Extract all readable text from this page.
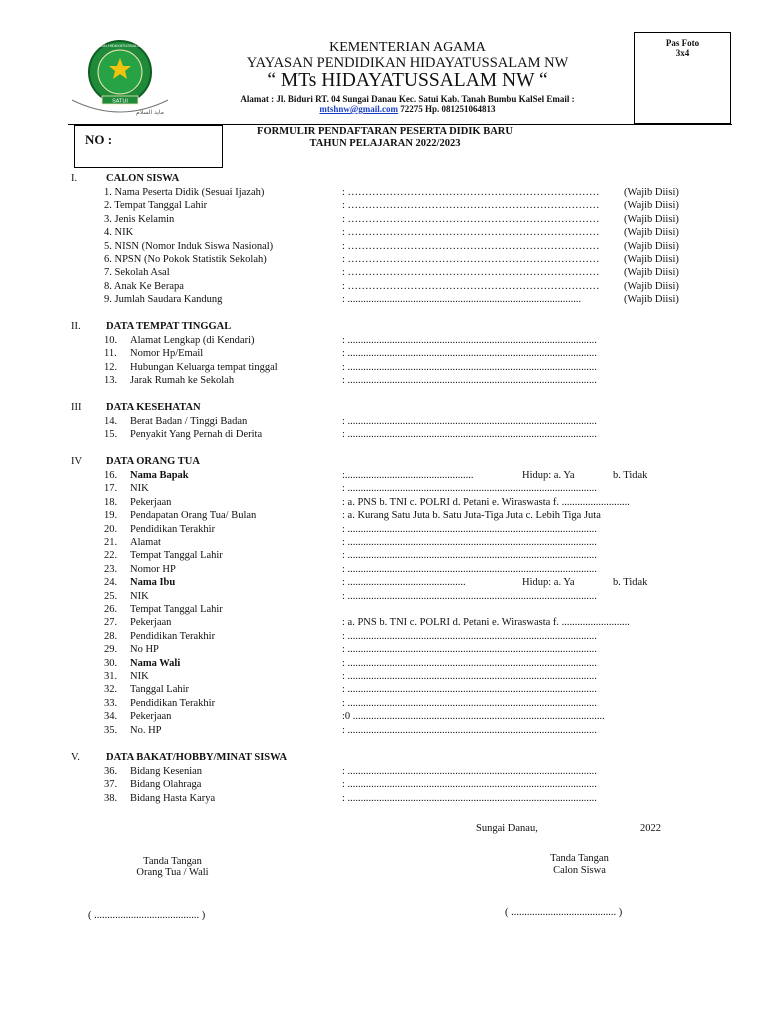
SATUI
YAYASAN HIDAYATUSSALAM NW
مايد السلام
KEMENTERIAN AGAMA
YAYASAN PENDIDIKAN HIDAYATUSSALAM NW
“ MTs HIDAYATUSSALAM NW “
Alamat : Jl. Biduri RT. 04 Sungai Danau Kec. Satui Kab. Tanah Bumbu KalSel Email :
mtshnw@gmail.com 72275 Hp. 081251064813
Pas Foto
3x4
NO :
FORMULIR PENDAFTARAN PESERTA DIDIK BARU
TAHUN PELAJARAN 2022/2023
I.	CALON SISWA
1. Nama Peserta Didik (Sesuai Ijazah)	: ……………………………………………………………… (Wajib Diisi)
2. Tempat Tanggal Lahir	: ……………………………………………………………… (Wajib Diisi)
3. Jenis Kelamin	: ……………………………………………………………… (Wajib Diisi)
4. NIK	: ……………………………………………………………… (Wajib Diisi)
5. NISN (Nomor Induk Siswa Nasional)	: ……………………………………………………………… (Wajib Diisi)
6. NPSN (No Pokok Statistik Sekolah)	: ……………………………………………………………… (Wajib Diisi)
7. Sekolah Asal	: ……………………………………………………………… (Wajib Diisi)
8. Anak Ke Berapa	: ……………………………………………………………… (Wajib Diisi)
9. Jumlah Saudara Kandung	: .........................................................................................	(Wajib Diisi)
II. DATA TEMPAT TINGGAL
10. Alamat Lengkap (di Kendari)	: ...............................................................................................
11. Nomor Hp/Email	: ...............................................................................................
12. Hubungan Keluarga tempat tinggal	: ...............................................................................................
13. Jarak Rumah ke Sekolah	: ...............................................................................................
III DATA KESEHATAN
14. Berat Badan / Tinggi Badan	: ...............................................................................................
15. Penyakit Yang Pernah di Derita	: ...............................................................................................
IV DATA ORANG TUA
16. Nama Bapak	:.................................................	Hidup: a. Ya	b. Tidak
17. NIK	: ...............................................................................................
18. Pekerjaan	: a. PNS b. TNI c. POLRI d. Petani e. Wiraswasta f. ..........................
19. Pendapatan Orang Tua/ Bulan	: a. Kurang Satu Juta b. Satu Juta-Tiga Juta c. Lebih Tiga Juta
20. Pendidikan Terakhir	: ...............................................................................................
21. Alamat	: ...............................................................................................
22. Tempat Tanggal Lahir	: ...............................................................................................
23. Nomor HP	: ...............................................................................................
24. Nama Ibu	: .............................................	Hidup: a. Ya	b. Tidak
25. NIK	: ...............................................................................................
26. Tempat Tanggal Lahir
27. Pekerjaan	: a. PNS b. TNI c. POLRI d. Petani e. Wiraswasta f. ..........................
28. Pendidikan Terakhir	: ...............................................................................................
29. No HP	: ...............................................................................................
30. Nama Wali	: ...............................................................................................
31. NIK	: ...............................................................................................
32. Tanggal Lahir	: ...............................................................................................
33. Pendidikan Terakhir	: ...............................................................................................
34. Pekerjaan	:0 ................................................................................................
35. No. HP	: ...............................................................................................
V. DATA BAKAT/HOBBY/MINAT SISWA
36. Bidang Kesenian	: ...............................................................................................
37. Bidang Olahraga	: ...............................................................................................
38. Bidang Hasta Karya	: ...............................................................................................
Sungai Danau,	2022
Tanda Tangan
Orang Tua / Wali
Tanda Tangan
Calon Siswa
( ........................................ )	( ........................................ )
